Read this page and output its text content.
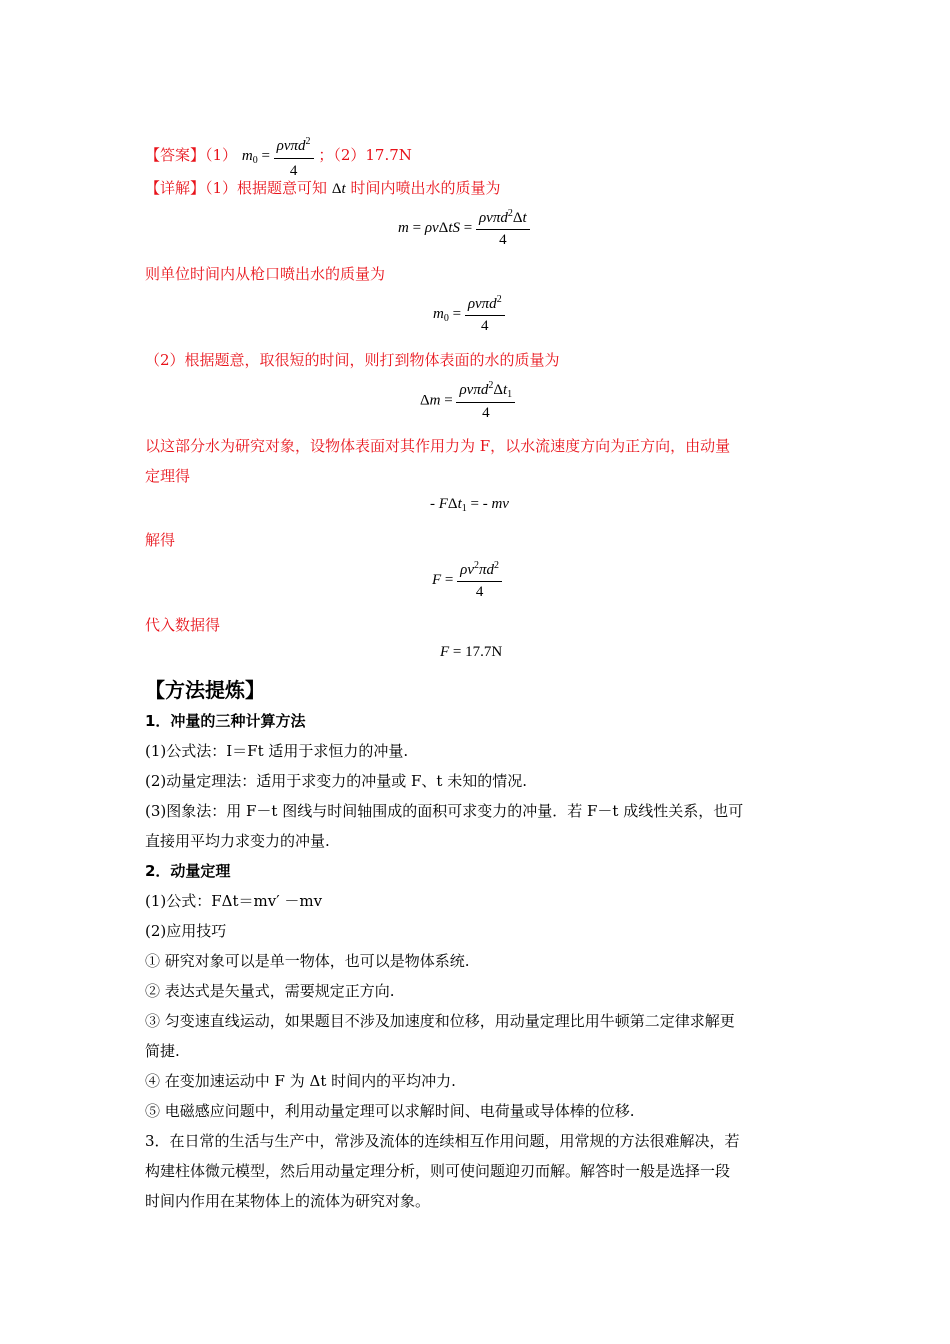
【答案】（1） $m_0 = \frac{\rho v\pi d^2}{4}$ ；（2）17.7N
【详解】（1）根据题意可知 Δt 时间内喷出水的质量为
$m = \rho v\Delta tS = \frac{\rho v\pi d^2\Delta t}{4}$
则单位时间内从枪口喷出水的质量为
$m_0 = \frac{\rho v\pi d^2}{4}$
（2）根据题意，取很短的时间，则打到物体表面的水的质量为
$\Delta m = \frac{\rho v\pi d^2\Delta t_1}{4}$
以这部分水为研究对象，设物体表面对其作用力为 F，以水流速度方向为正方向，由动量
定理得
- FΔt$_1$ = - mv
解得
$F = \frac{\rho v^2\pi d^2}{4}$
代入数据得
F = 17.7N
【方法提炼】
1．冲量的三种计算方法
(1)公式法：I＝Ft 适用于求恒力的冲量.
(2)动量定理法：适用于求变力的冲量或 F、t 未知的情况.
(3)图象法：用 F－t 图线与时间轴围成的面积可求变力的冲量．若 F－t 成线性关系，也可
直接用平均力求变力的冲量.
2．动量定理
(1)公式：FΔt＝mv′ －mv
(2)应用技巧
① 研究对象可以是单一物体，也可以是物体系统.
② 表达式是矢量式，需要规定正方向.
③ 匀变速直线运动，如果题目不涉及加速度和位移，用动量定理比用牛顿第二定律求解更
简捷.
④ 在变加速运动中 F 为 Δt 时间内的平均冲力.
⑤ 电磁感应问题中，利用动量定理可以求解时间、电荷量或导体棒的位移.
3．在日常的生活与生产中，常涉及流体的连续相互作用问题，用常规的方法很难解决，若
构建柱体微元模型，然后用动量定理分析，则可使问题迎刃而解。解答时一般是选择一段
时间内作用在某物体上的流体为研究对象。
